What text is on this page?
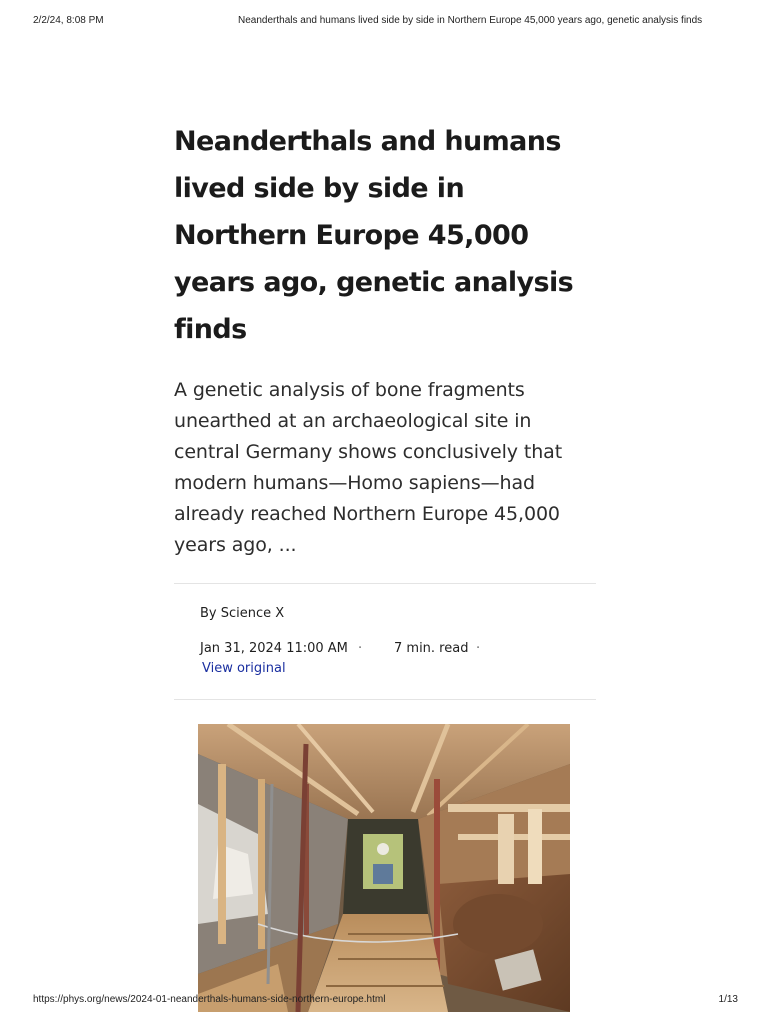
2/2/24, 8:08 PM	Neanderthals and humans lived side by side in Northern Europe 45,000 years ago, genetic analysis finds
Neanderthals and humans lived side by side in Northern Europe 45,000 years ago, genetic analysis finds

A genetic analysis of bone fragments unearthed at an archaeological site in central Germany shows conclusively that modern humans—Homo sapiens—had already reached Northern Europe 45,000 years ago, ...

By Science X

Jan 31, 2024 11:00 AM · 7 min. read ·
View original
https://phys.org/news/2024-01-neanderthals-humans-side-northern-europe.html	1/13
